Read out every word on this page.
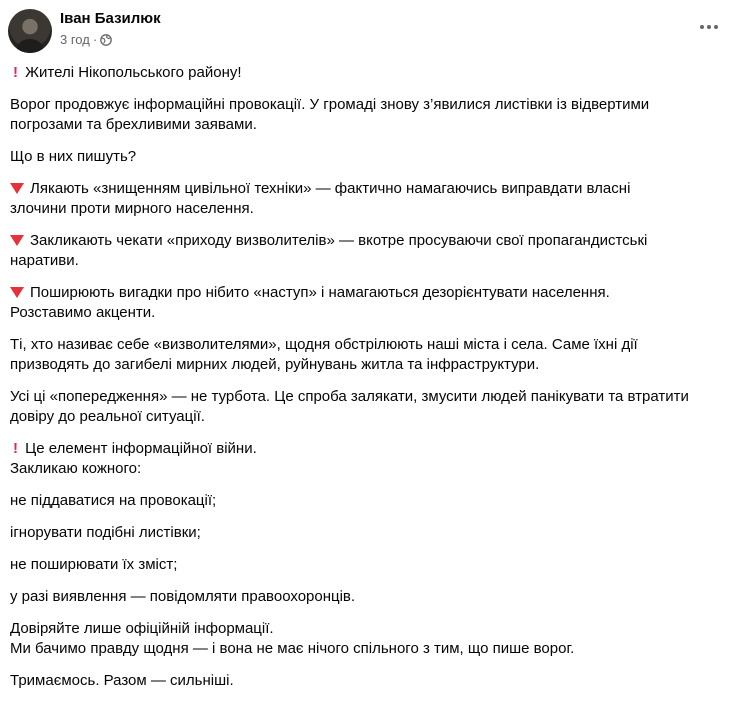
Іван Базилюк
3 год ·

! Жителі Нікопольського району!

Ворог продовжує інформаційні провокації. У громаді знову з’явилися листівки із відвертими

погрозами та брехливими заявами.

Що в них пишуть?

Лякають «знищенням цивільної техніки» — фактично намагаючись виправдати власні

злочини проти мирного населення.

Закликають чекати «приходу визволителів» — вкотре просуваючи свої пропагандистські

наративи.

Поширюють вигадки про нібито «наступ» і намагаються дезорієнтувати населення.

Розставимо акценти.

Ті, хто називає себе «визволителями», щодня обстрілюють наші міста і села. Саме їхні дії

призводять до загибелі мирних людей, руйнувань житла та інфраструктури.

Усі ці «попередження» — не турбота. Це спроба залякати, змусити людей панікувати та втратити

довіру до реальної ситуації.

! Це елемент інформаційної війни.

Закликаю кожного:

не піддаватися на провокації;

ігнорувати подібні листівки;

не поширювати їх зміст;

у разі виявлення — повідомляти правоохоронців.

Довіряйте лише офіційній інформації.

Ми бачимо правду щодня — і вона не має нічого спільного з тим, що пише ворог.

Тримаємось. Разом — сильніші.
